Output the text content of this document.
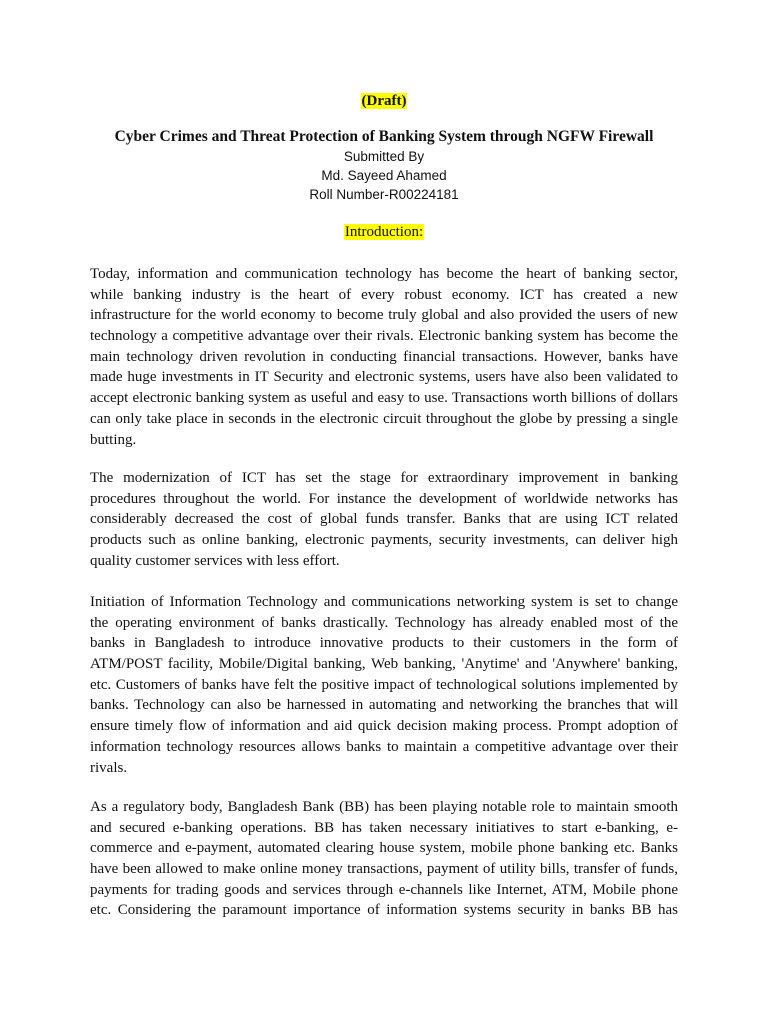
(Draft)
Cyber Crimes and Threat Protection of Banking System through NGFW Firewall
Submitted By
Md. Sayeed Ahamed
Roll Number-R00224181
Introduction:
Today, information and communication technology has become the heart of banking sector,
while banking industry is the heart of every robust economy. ICT has created a new
infrastructure for the world economy to become truly global and also provided the users of new
technology a competitive advantage over their rivals. Electronic banking system has become the
main technology driven revolution in conducting financial transactions. However, banks have
made huge investments in IT Security and electronic systems, users have also been validated to
accept electronic banking system as useful and easy to use. Transactions worth billions of dollars
can only take place in seconds in the electronic circuit throughout the globe by pressing a single
butting.
The modernization of ICT has set the stage for extraordinary improvement in banking
procedures throughout the world. For instance the development of worldwide networks has
considerably decreased the cost of global funds transfer. Banks that are using ICT related
products such as online banking, electronic payments, security investments, can deliver high
quality customer services with less effort.
Initiation of Information Technology and communications networking system is set to change
the operating environment of banks drastically. Technology has already enabled most of the
banks in Bangladesh to introduce innovative products to their customers in the form of
ATM/POST facility, Mobile/Digital banking, Web banking, 'Anytime' and 'Anywhere' banking,
etc. Customers of banks have felt the positive impact of technological solutions implemented by
banks. Technology can also be harnessed in automating and networking the branches that will
ensure timely flow of information and aid quick decision making process. Prompt adoption of
information technology resources allows banks to maintain a competitive advantage over their
rivals.
As a regulatory body, Bangladesh Bank (BB) has been playing notable role to maintain smooth
and secured e-banking operations. BB has taken necessary initiatives to start e-banking, e-
commerce and e-payment, automated clearing house system, mobile phone banking etc. Banks
have been allowed to make online money transactions, payment of utility bills, transfer of funds,
payments for trading goods and services through e-channels like Internet, ATM, Mobile phone
etc. Considering the paramount importance of information systems security in banks BB has
